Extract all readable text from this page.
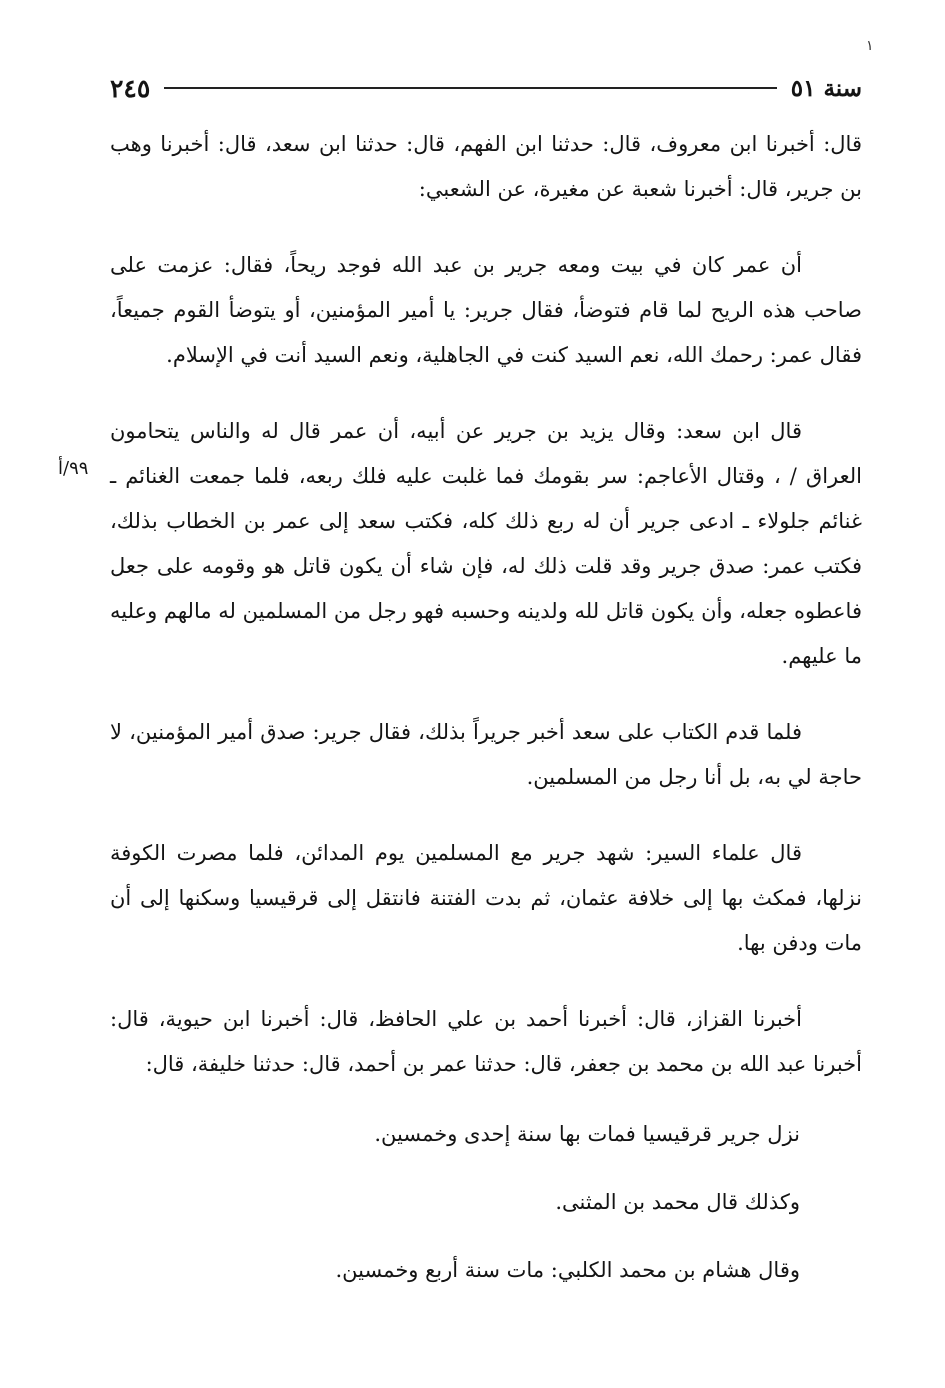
١
سنة ٥١
٢٤٥
٩٩/أ

قال: أخبرنا ابن معروف، قال: حدثنا ابن الفهم، قال: حدثنا ابن سعد، قال: أخبرنا وهب بن جرير، قال: أخبرنا شعبة عن مغيرة، عن الشعبي:

أن عمر كان في بيت ومعه جرير بن عبد الله فوجد ريحاً، فقال: عزمت على صاحب هذه الريح لما قام فتوضأ، فقال جرير: يا أمير المؤمنين، أو يتوضأ القوم جميعاً، فقال عمر: رحمك الله، نعم السيد كنت في الجاهلية، ونعم السيد أنت في الإسلام.

قال ابن سعد: وقال يزيد بن جرير عن أبيه، أن عمر قال له والناس يتحامون العراق / ، وقتال الأعاجم: سر بقومك فما غلبت عليه فلك ربعه، فلما جمعت الغنائم ـ غنائم جلولاء ـ ادعى جرير أن له ربع ذلك كله، فكتب سعد إلى عمر بن الخطاب بذلك، فكتب عمر: صدق جرير وقد قلت ذلك له، فإن شاء أن يكون قاتل هو وقومه على جعل فاعطوه جعله، وأن يكون قاتل لله ولدينه وحسبه فهو رجل من المسلمين له مالهم وعليه ما عليهم.

فلما قدم الكتاب على سعد أخبر جريراً بذلك، فقال جرير: صدق أمير المؤمنين، لا حاجة لي به، بل أنا رجل من المسلمين.

قال علماء السير: شهد جرير مع المسلمين يوم المدائن، فلما مصرت الكوفة نزلها، فمكث بها إلى خلافة عثمان، ثم بدت الفتنة فانتقل إلى قرقيسيا وسكنها إلى أن مات ودفن بها.

أخبرنا القزاز، قال: أخبرنا أحمد بن علي الحافظ، قال: أخبرنا ابن حيوية، قال: أخبرنا عبد الله بن محمد بن جعفر، قال: حدثنا عمر بن أحمد، قال: حدثنا خليفة، قال:

نزل جرير قرقيسيا فمات بها سنة إحدى وخمسين.

وكذلك قال محمد بن المثنى.

وقال هشام بن محمد الكلبي: مات سنة أربع وخمسين.
